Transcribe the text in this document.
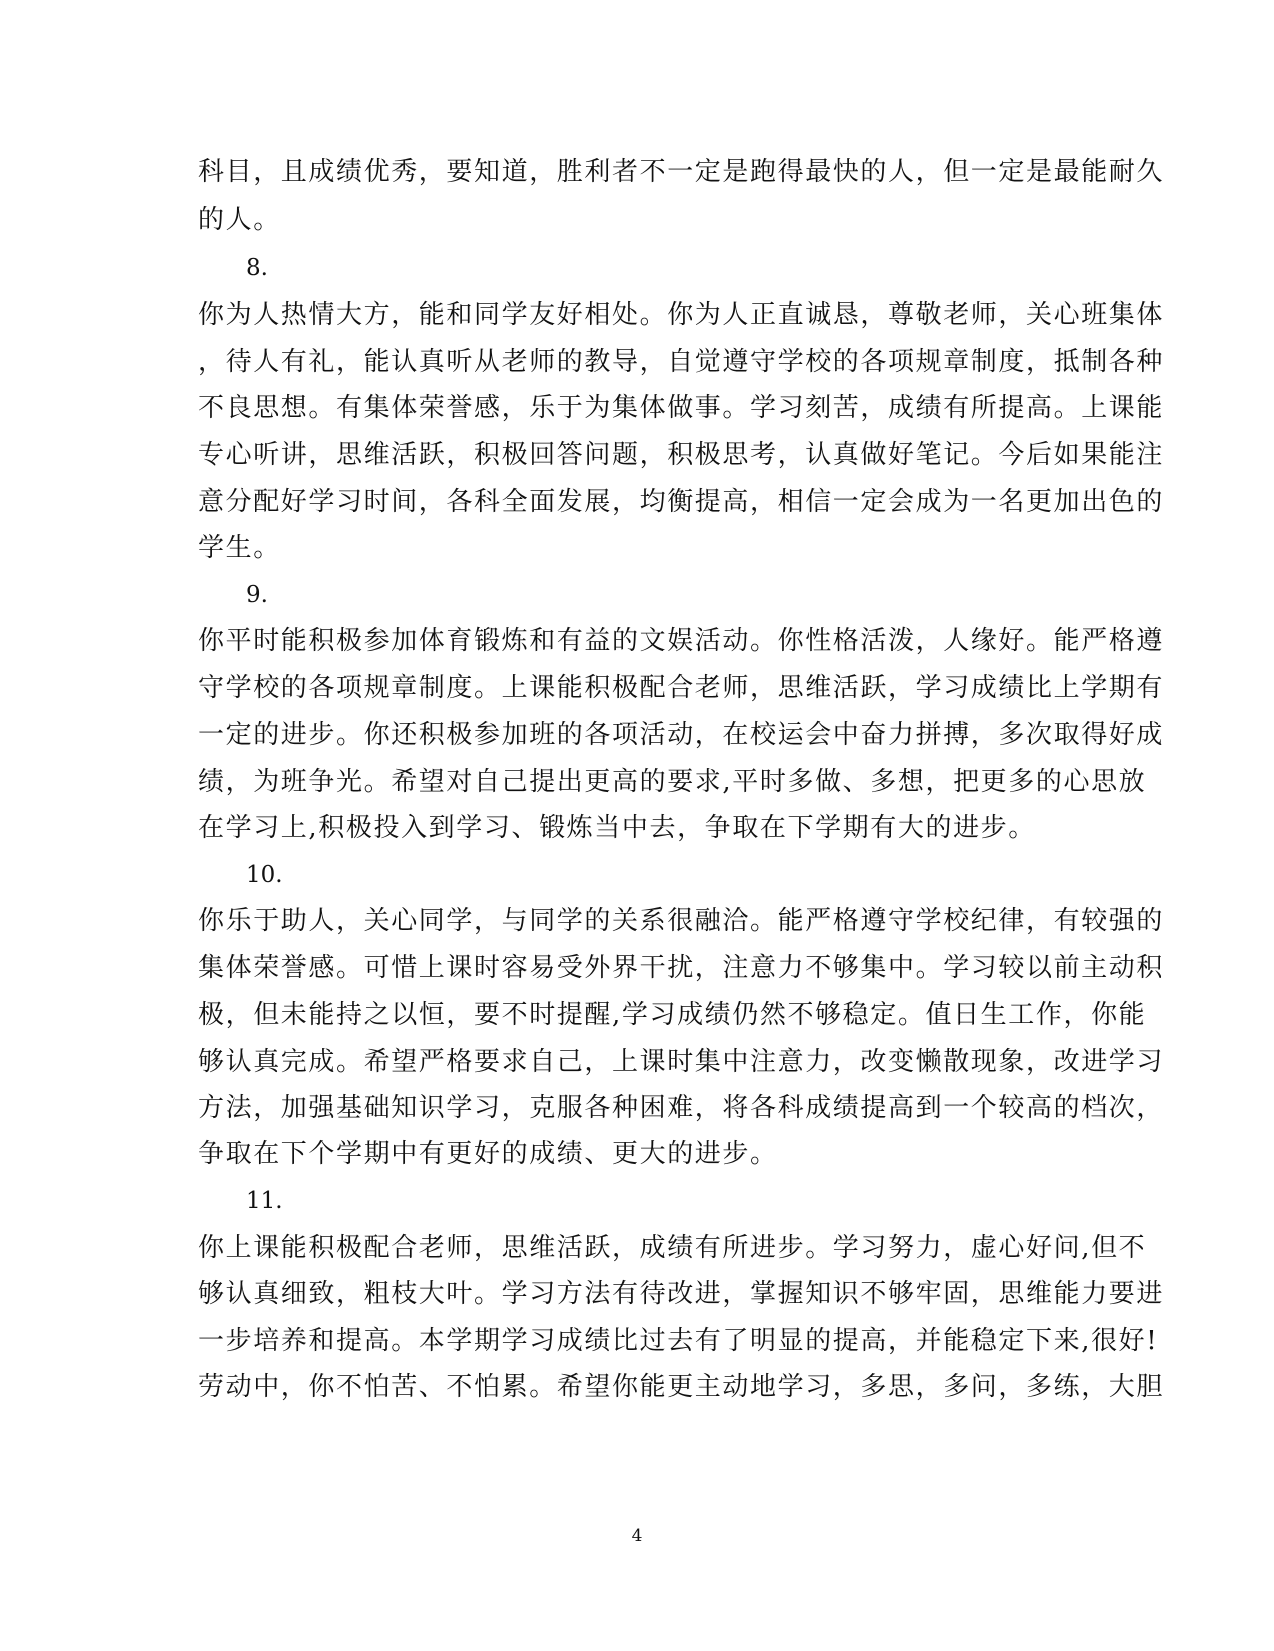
科目，且成绩优秀，要知道，胜利者不一定是跑得最快的人，但一定是最能耐久
的人。
8.
你为人热情大方，能和同学友好相处。你为人正直诚恳，尊敬老师，关心班集体
，待人有礼，能认真听从老师的教导，自觉遵守学校的各项规章制度，抵制各种
不良思想。有集体荣誉感，乐于为集体做事。学习刻苦，成绩有所提高。上课能
专心听讲，思维活跃，积极回答问题，积极思考，认真做好笔记。今后如果能注
意分配好学习时间，各科全面发展，均衡提高，相信一定会成为一名更加出色的
学生。
9.
你平时能积极参加体育锻炼和有益的文娱活动。你性格活泼，人缘好。能严格遵
守学校的各项规章制度。上课能积极配合老师，思维活跃，学习成绩比上学期有
一定的进步。你还积极参加班的各项活动，在校运会中奋力拼搏，多次取得好成
绩，为班争光。希望对自己提出更高的要求,平时多做、多想，把更多的心思放
在学习上,积极投入到学习、锻炼当中去，争取在下学期有大的进步。
10.
你乐于助人，关心同学，与同学的关系很融洽。能严格遵守学校纪律，有较强的
集体荣誉感。可惜上课时容易受外界干扰，注意力不够集中。学习较以前主动积
极，但未能持之以恒，要不时提醒,学习成绩仍然不够稳定。值日生工作，你能
够认真完成。希望严格要求自己，上课时集中注意力，改变懒散现象，改进学习
方法，加强基础知识学习，克服各种困难，将各科成绩提高到一个较高的档次，
争取在下个学期中有更好的成绩、更大的进步。
11.
你上课能积极配合老师，思维活跃，成绩有所进步。学习努力，虚心好问,但不
够认真细致，粗枝大叶。学习方法有待改进，掌握知识不够牢固，思维能力要进
一步培养和提高。本学期学习成绩比过去有了明显的提高，并能稳定下来,很好!
劳动中，你不怕苦、不怕累。希望你能更主动地学习，多思，多问，多练，大胆
4
